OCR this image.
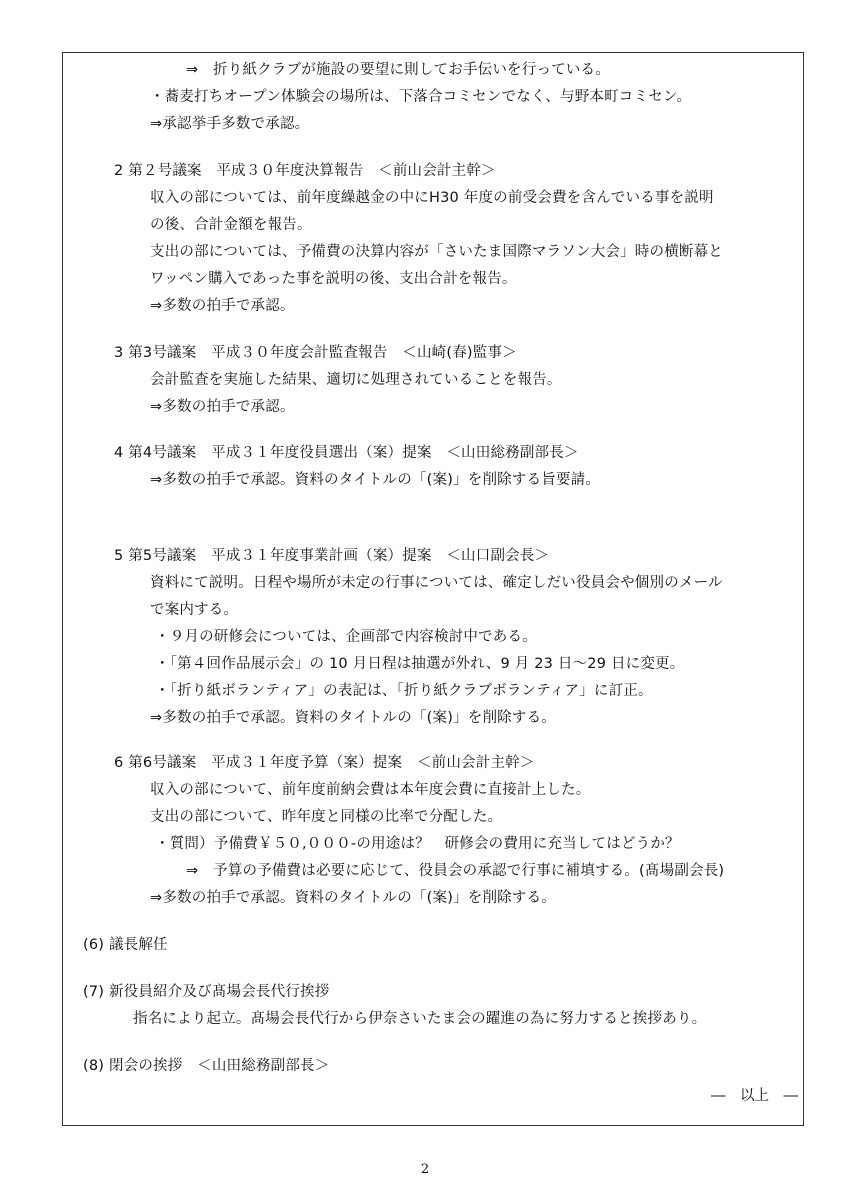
⇒　折り紙クラブが施設の要望に則してお手伝いを行っている。
・蕎麦打ちオープン体験会の場所は、下落合コミセンでなく、与野本町コミセン。
⇒承認挙手多数で承認。
2 第２号議案　平成３０年度決算報告　＜前山会計主幹＞
収入の部については、前年度繰越金の中にH30 年度の前受会費を含んでいる事を説明
の後、合計金額を報告。
支出の部については、予備費の決算内容が「さいたま国際マラソン大会」時の横断幕と
ワッペン購入であった事を説明の後、支出合計を報告。
⇒多数の拍手で承認。
3 第3号議案　平成３０年度会計監査報告　＜山崎(春)監事＞
会計監査を実施した結果、適切に処理されていることを報告。
⇒多数の拍手で承認。
4 第4号議案　平成３１年度役員選出（案）提案　＜山田総務副部長＞
⇒多数の拍手で承認。資料のタイトルの「(案)」を削除する旨要請。
5 第5号議案　平成３１年度事業計画（案）提案　＜山口副会長＞
資料にて説明。日程や場所が未定の行事については、確定しだい役員会や個別のメール
で案内する。
・９月の研修会については、企画部で内容検討中である。
・「第４回作品展示会」の 10 月日程は抽選が外れ、9 月 23 日～29 日に変更。
・「折り紙ボランティア」の表記は、「折り紙クラブボランティア」に訂正。
⇒多数の拍手で承認。資料のタイトルの「(案)」を削除する。
6 第6号議案　平成３１年度予算（案）提案　＜前山会計主幹＞
収入の部について、前年度前納会費は本年度会費に直接計上した。
支出の部について、昨年度と同様の比率で分配した。
・質問）予備費￥５０,０００-の用途は？　研修会の費用に充当してはどうか？
⇒　予算の予備費は必要に応じて、役員会の承認で行事に補填する。(髙場副会長)
⇒多数の拍手で承認。資料のタイトルの「(案)」を削除する。
(6) 議長解任
(7) 新役員紹介及び髙場会長代行挨拶
指名により起立。髙場会長代行から伊奈さいたま会の躍進の為に努力すると挨拶あり。
(8) 閉会の挨拶　＜山田総務副部長＞
―　以上　―
2
